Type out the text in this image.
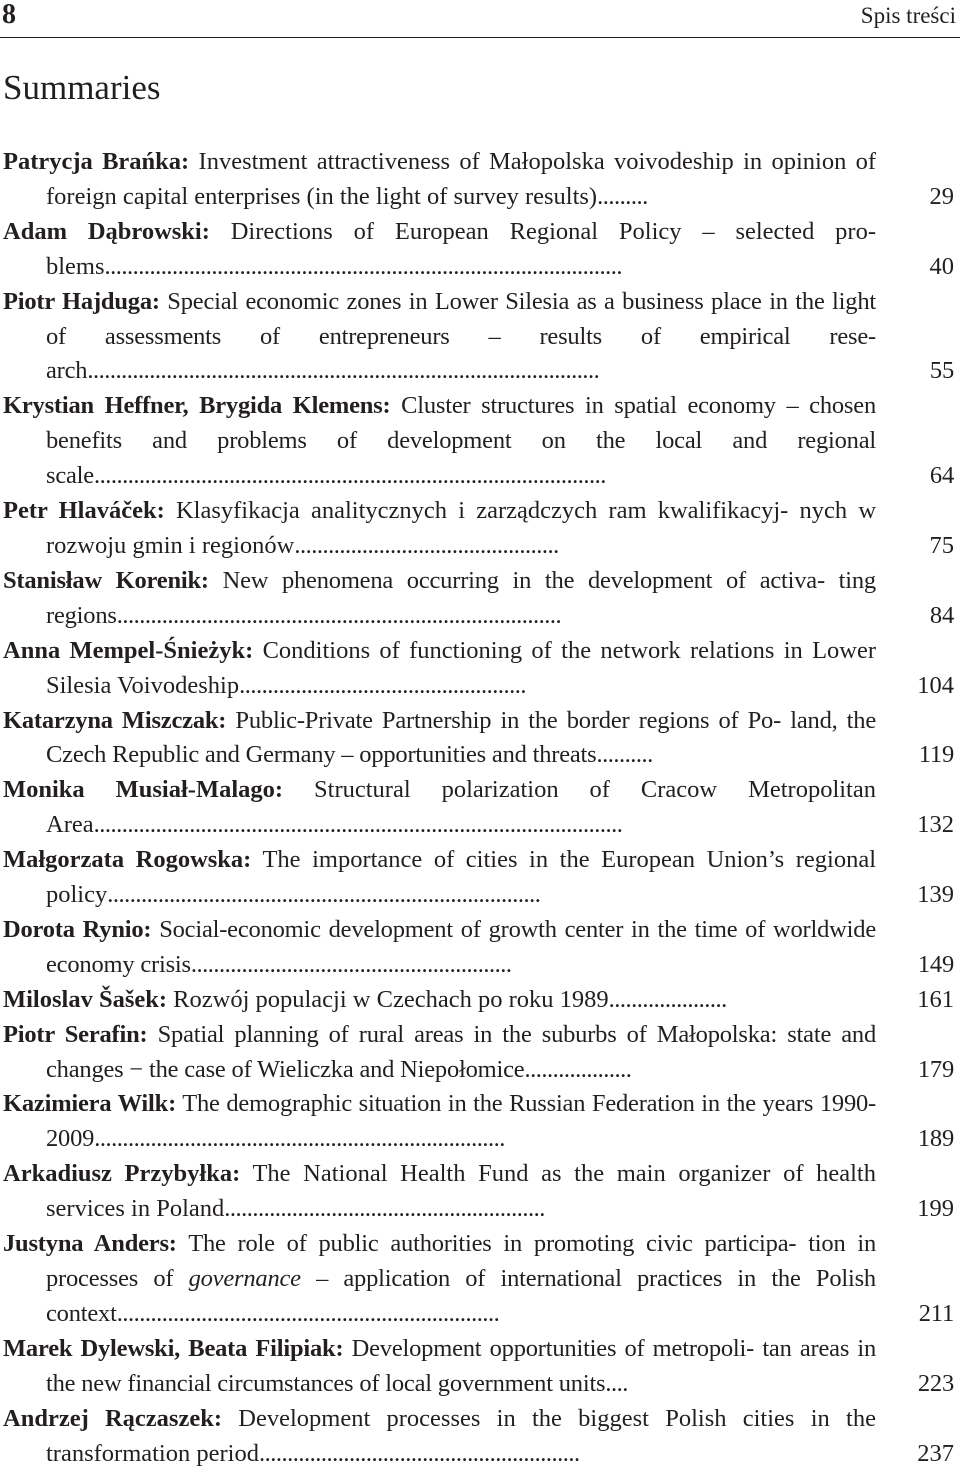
8	Spis treści
Summaries
Patrycja Brańka: Investment attractiveness of Małopolska voivodeship in opinion of foreign capital enterprises (in the light of survey results).........	29
Adam Dąbrowski: Directions of European Regional Policy – selected pro- blems............................................................................................	40
Piotr Hajduga: Special economic zones in Lower Silesia as a business place in the light of assessments of entrepreneurs – results of empirical rese- arch...........................................................................................	55
Krystian Heffner, Brygida Klemens: Cluster structures in spatial economy – chosen benefits and problems of development on the local and regional scale...........................................................................................	64
Petr Hlaváček: Klasyfikacja analitycznych i zarządczych ram kwalifikacyj- nych w rozwoju gmin i regionów...............................................	75
Stanisław Korenik: New phenomena occurring in the development of activa- ting regions...............................................................................	84
Anna Mempel-Śnieżyk: Conditions of functioning of the network relations in Lower Silesia Voivodeship...................................................	104
Katarzyna Miszczak: Public-Private Partnership in the border regions of Po- land, the Czech Republic and Germany – opportunities and threats..........	119
Monika Musiał-Malago: Structural polarization of Cracow Metropolitan Area..............................................................................................	132
Małgorzata Rogowska: The importance of cities in the European Union’s regional policy.............................................................................	139
Dorota Rynio: Social-economic development of growth center in the time of worldwide economy crisis.........................................................	149
Miloslav Šašek: Rozwój populacji w Czechach po roku 1989.....................	161
Piotr Serafin: Spatial planning of rural areas in the suburbs of Małopolska: state and changes − the case of Wieliczka and Niepołomice...................	179
Kazimiera Wilk: The demographic situation in the Russian Federation in the years 1990-2009.........................................................................	189
Arkadiusz Przybyłka: The National Health Fund as the main organizer of health services in Poland.........................................................	199
Justyna Anders: The role of public authorities in promoting civic participa- tion in processes of governance – application of international practices in the Polish context....................................................................	211
Marek Dylewski, Beata Filipiak: Development opportunities of metropoli- tan areas in the new financial circumstances of local government units....	223
Andrzej Rączaszek: Development processes in the biggest Polish cities in the transformation period.........................................................	237
